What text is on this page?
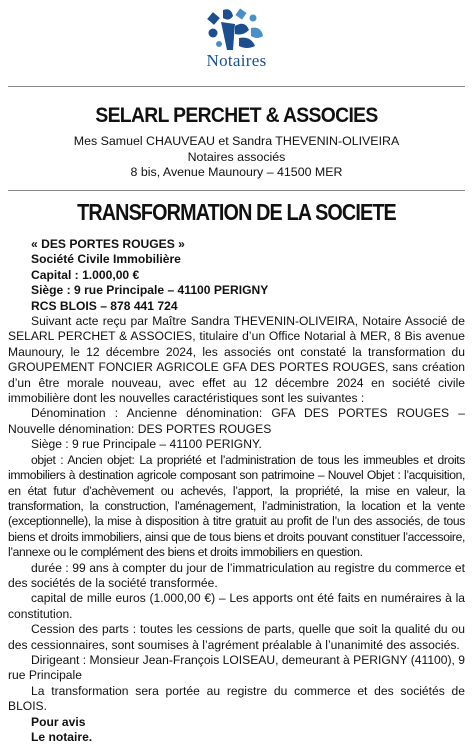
Notaires
SELARL PERCHET & ASSOCIES
Mes Samuel CHAUVEAU et Sandra THEVENIN-OLIVEIRA
Notaires associés
8 bis, Avenue Maunoury – 41500 MER
TRANSFORMATION DE LA SOCIETE
« DES PORTES ROUGES »
Société Civile Immobilière
Capital : 1.000,00 €
Siège : 9 rue Principale – 41100 PERIGNY
RCS BLOIS – 878 441 724
Suivant acte reçu par Maître Sandra THEVENIN-OLIVEIRA, Notaire Associé de SELARL PERCHET & ASSOCIES, titulaire d’un Office Notarial à MER, 8 Bis avenue Maunoury, le 12 décembre 2024, les associés ont constaté la transformation du GROUPEMENT FONCIER AGRICOLE GFA DES PORTES ROUGES, sans création d’un être morale nouveau, avec effet au 12 décembre 2024 en société civile immobilière dont les nouvelles caractéristiques sont les suivantes :
Dénomination : Ancienne dénomination: GFA DES PORTES ROUGES – Nouvelle dénomination: DES PORTES ROUGES
Siège : 9 rue Principale – 41100 PERIGNY.
objet : Ancien objet: La propriété et l’administration de tous les immeubles et droits immobiliers à destination agricole composant son patrimoine – Nouvel Objet : l’acquisition, en état futur d’achèvement ou achevés, l’apport, la propriété, la mise en valeur, la transformation, la construction, l’aménagement, l’administration, la location et la vente (exceptionnelle), la mise à disposition à titre gratuit au profit de l’un des associés, de tous biens et droits immobiliers, ainsi que de tous biens et droits pouvant constituer l’accessoire, l’annexe ou le complément des biens et droits immobiliers en question.
durée : 99 ans à compter du jour de l’immatriculation au registre du commerce et des sociétés de la société transformée.
capital de mille euros (1.000,00 €) – Les apports ont été faits en numéraires à la constitution.
Cession des parts : toutes les cessions de parts, quelle que soit la qualité du ou des cessionnaires, sont soumises à l’agrément préalable à l’unanimité des associés.
Dirigeant : Monsieur Jean-François LOISEAU, demeurant à PERIGNY (41100), 9 rue Principale
La transformation sera portée au registre du commerce et des sociétés de BLOIS.
Pour avis
Le notaire.
